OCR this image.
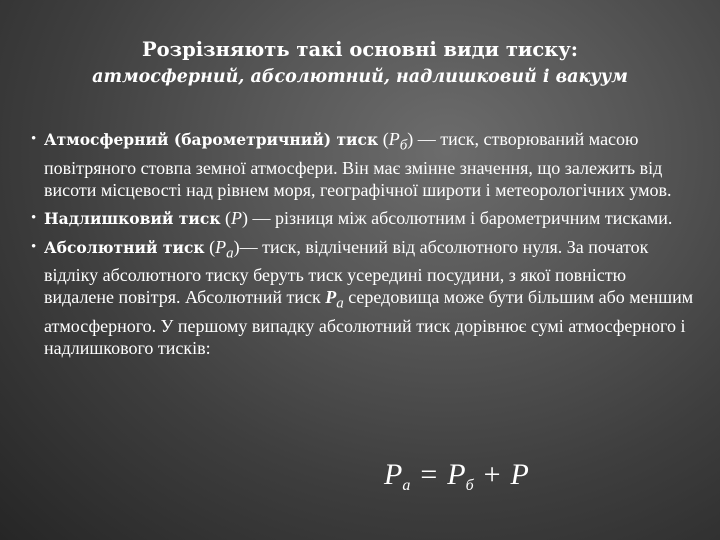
Розрізняють такі основні види тиску:
атмосферний, абсолютний, надлишковий і вакуум

• Атмосферний (барометричний) тиск $(P_б)$ — тиск, створюваний масою повітряного стовпа земної атмосфери. Він має змінне значення, що залежить від висоти місцевості над рівнем моря, географічної широти і метеорологічних умов.

• Надлишковий тиск (P) — різниця між абсолютним і барометричним тисками.

• Абсолютний тиск $(P_а)—$ тиск, відлічений від абсолютного нуля. За початок відліку абсолютного тиску беруть тиск усередині посудини, з якої повністю видалене повітря. Абсолютний тиск $P_а$ середовища може бути більшим або меншим атмосферного. У першому випадку абсолютний тиск дорівнює сумі атмосферного і надлишкового тисків:

$P_а = P_б + P$
